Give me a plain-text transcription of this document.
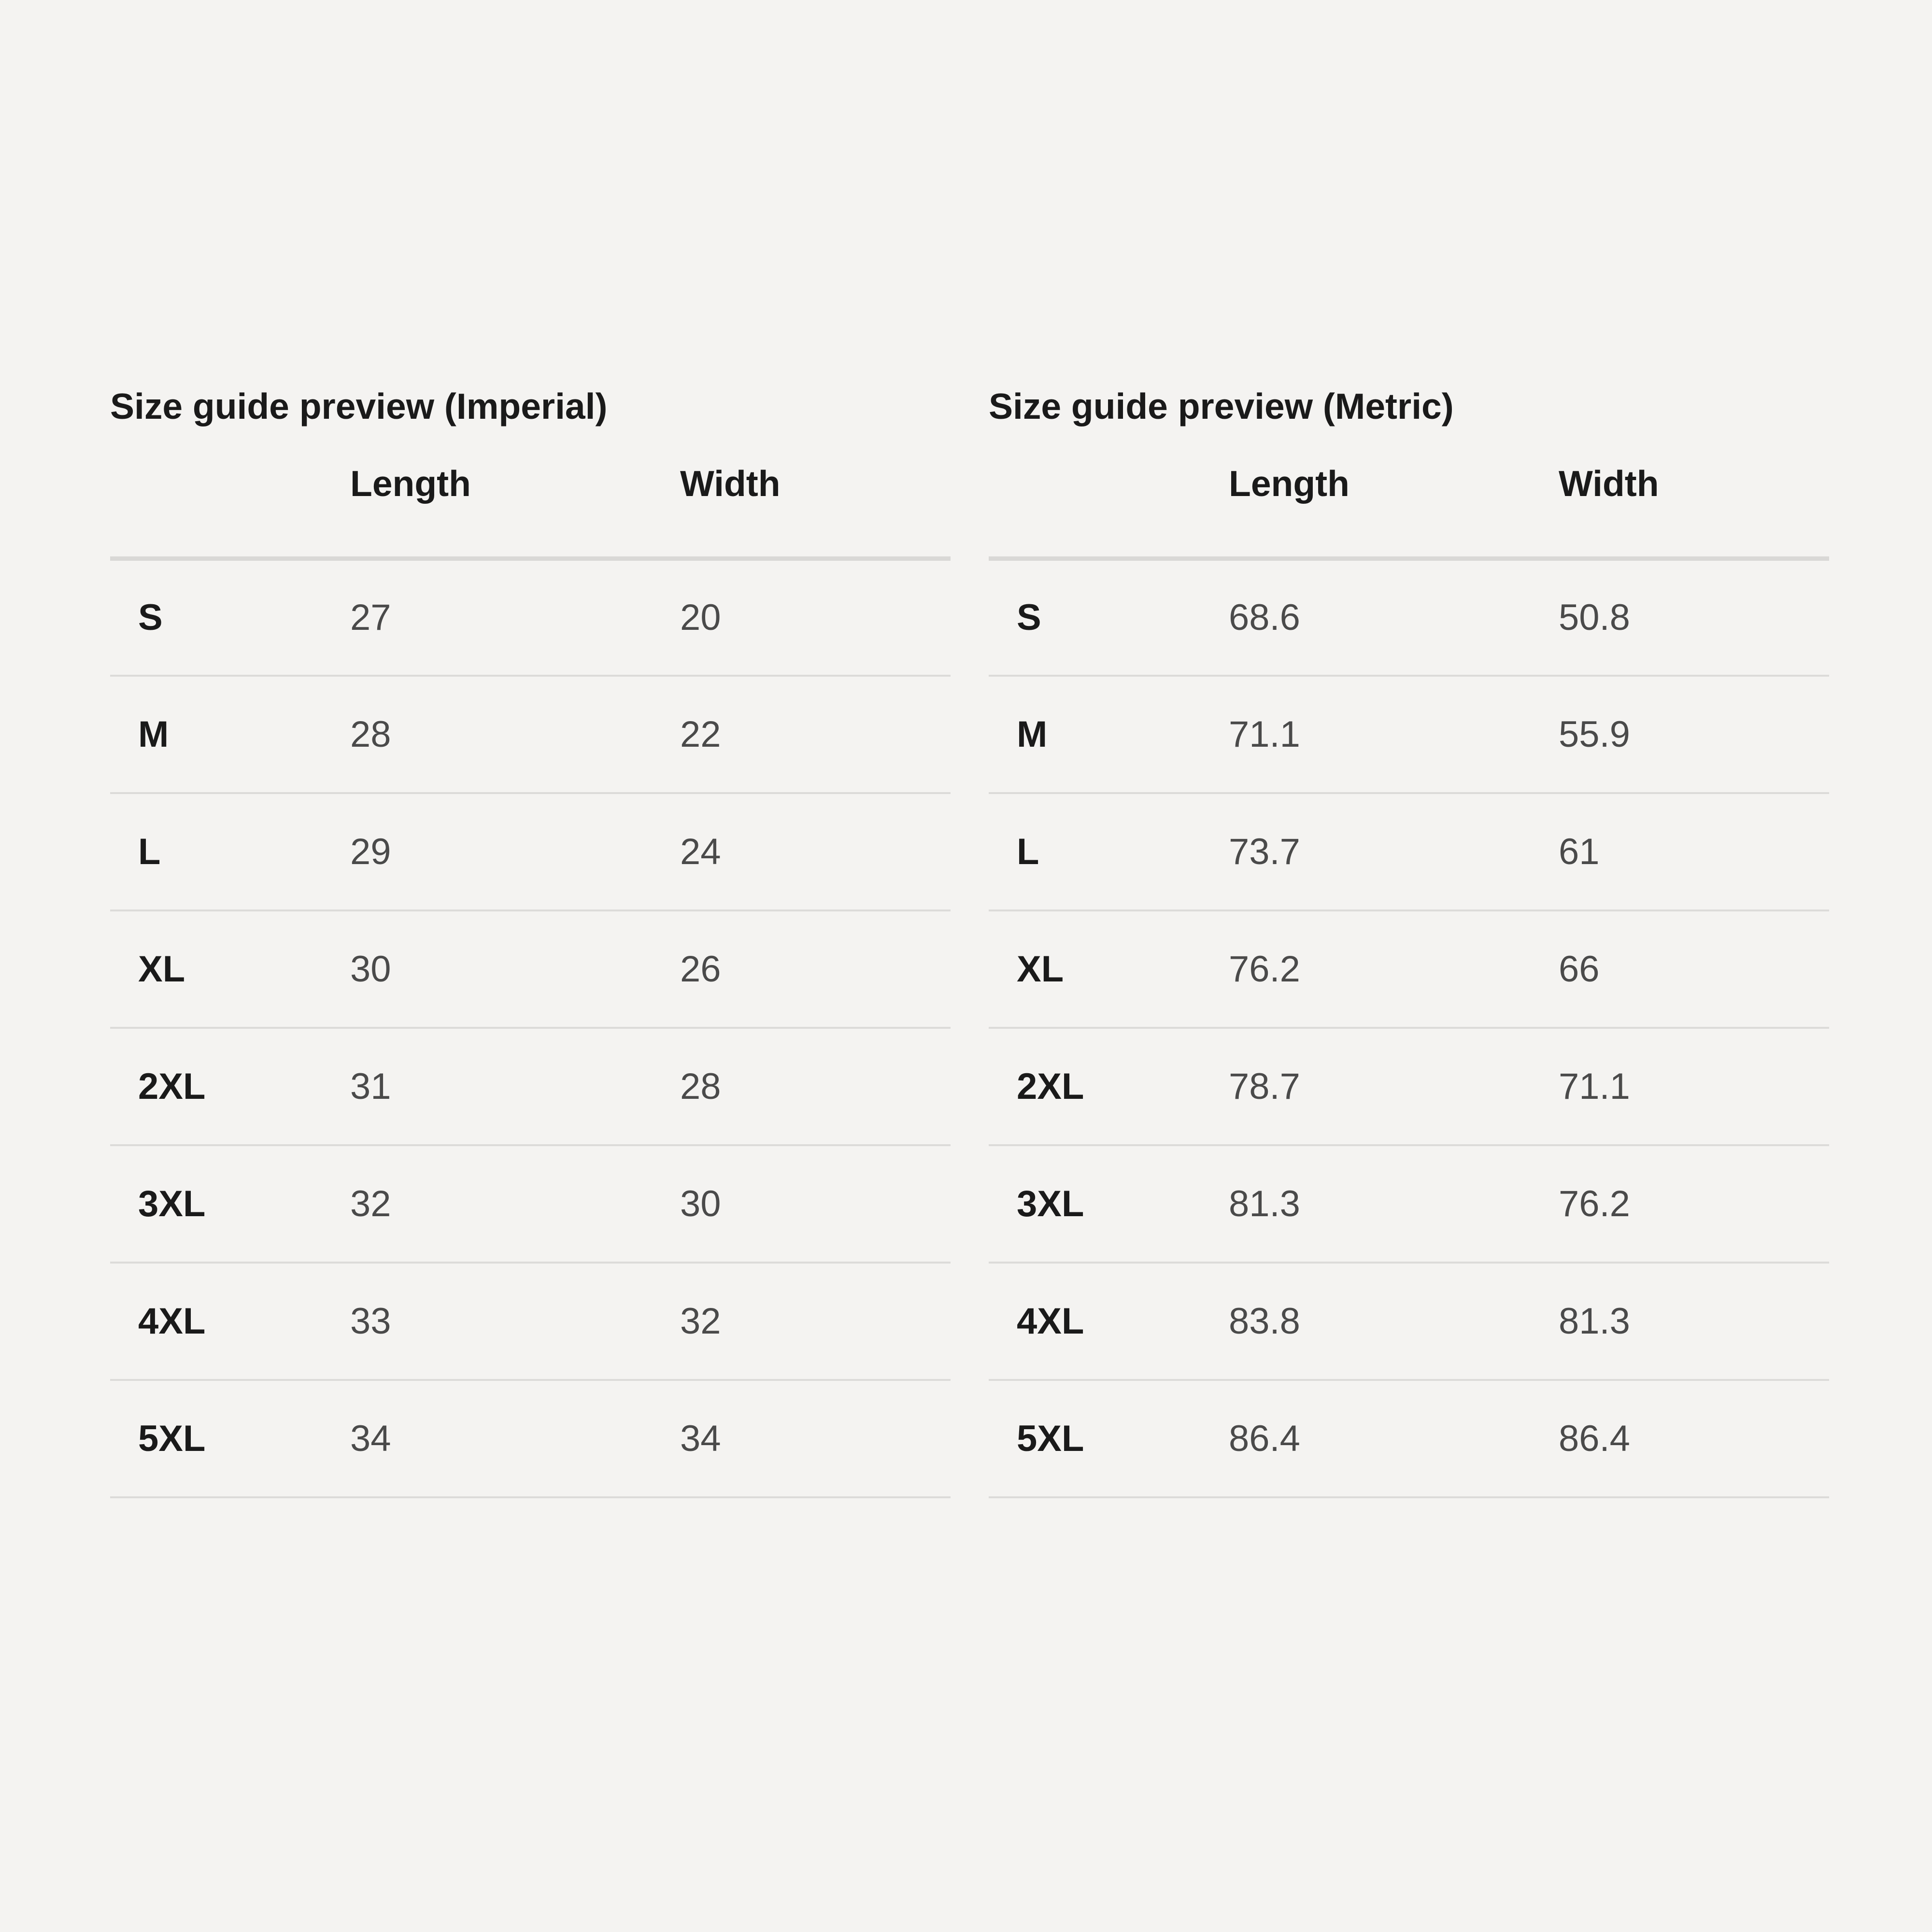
Size guide preview (Imperial)
	Length	Width
S	27	20
M	28	22
L	29	24
XL	30	26
2XL	31	28
3XL	32	30
4XL	33	32
5XL	34	34
Size guide preview (Metric)
	Length	Width
S	68.6	50.8
M	71.1	55.9
L	73.7	61
XL	76.2	66
2XL	78.7	71.1
3XL	81.3	76.2
4XL	83.8	81.3
5XL	86.4	86.4
